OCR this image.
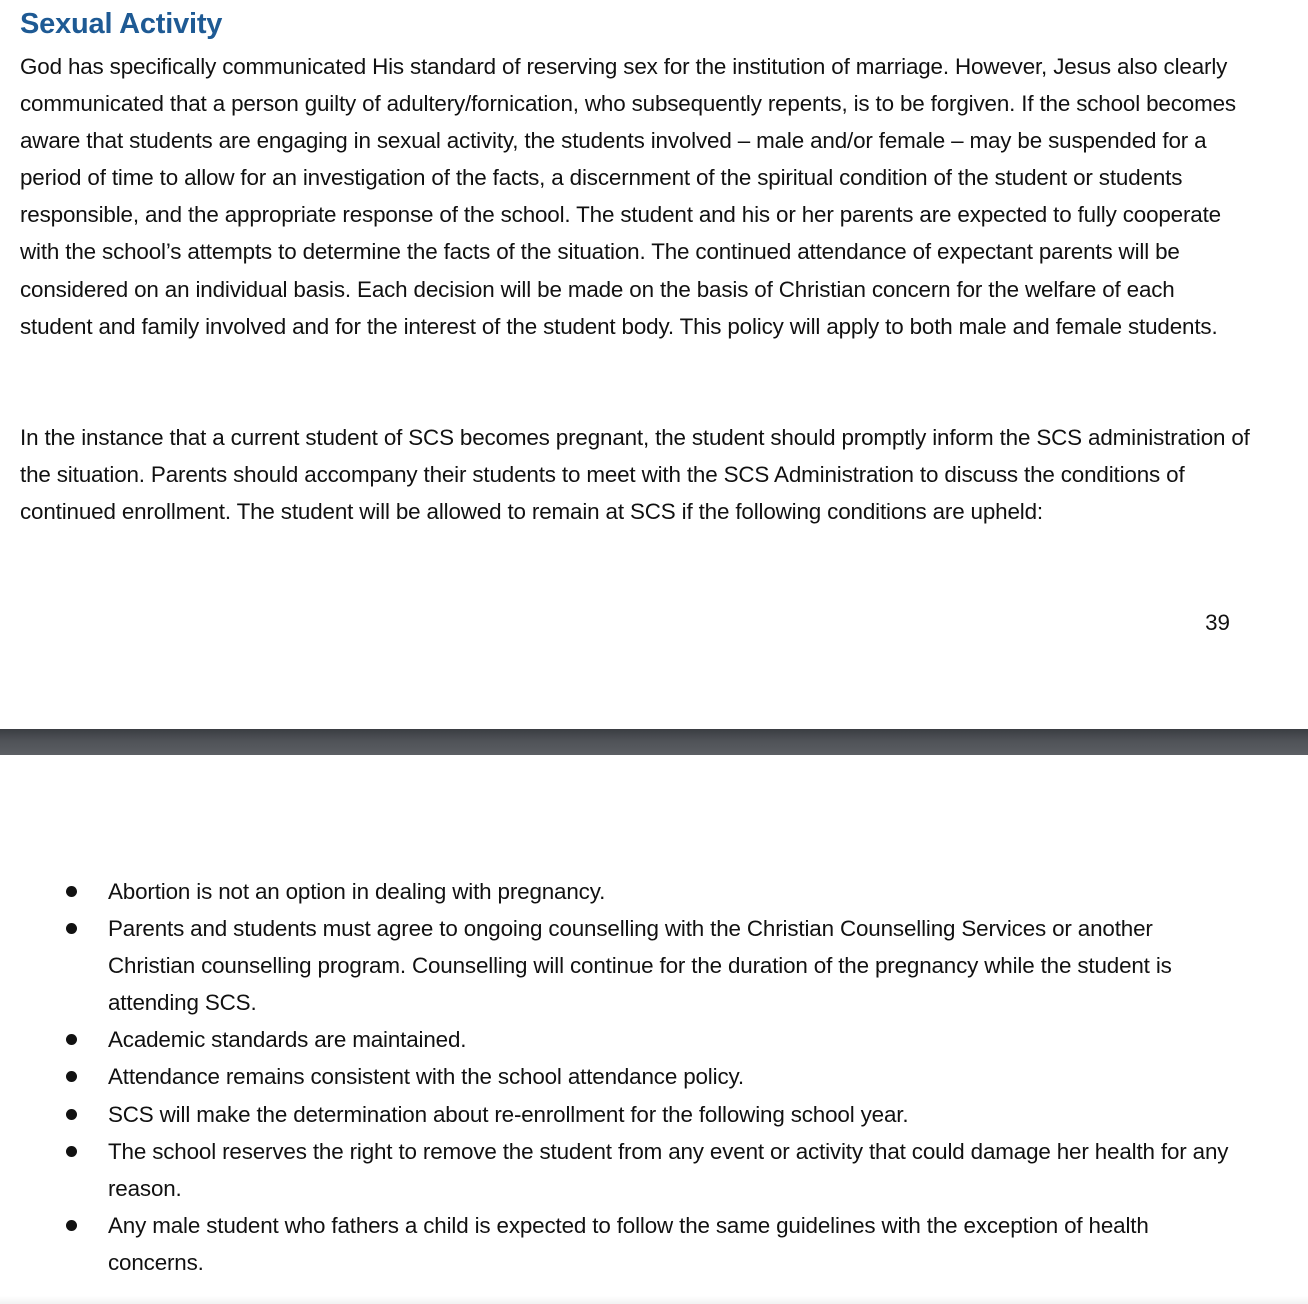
Sexual Activity

God has specifically communicated His standard of reserving sex for the institution of marriage. However, Jesus also clearly communicated that a person guilty of adultery/fornication, who subsequently repents, is to be forgiven. If the school becomes aware that students are engaging in sexual activity, the students involved – male and/or female – may be suspended for a period of time to allow for an investigation of the facts, a discernment of the spiritual condition of the student or students responsible, and the appropriate response of the school. The student and his or her parents are expected to fully cooperate with the school’s attempts to determine the facts of the situation. The continued attendance of expectant parents will be considered on an individual basis. Each decision will be made on the basis of Christian concern for the welfare of each student and family involved and for the interest of the student body. This policy will apply to both male and female students.

In the instance that a current student of SCS becomes pregnant, the student should promptly inform the SCS administration of the situation. Parents should accompany their students to meet with the SCS Administration to discuss the conditions of continued enrollment. The student will be allowed to remain at SCS if the following conditions are upheld:

39
Abortion is not an option in dealing with pregnancy.
Parents and students must agree to ongoing counselling with the Christian Counselling Services or another Christian counselling program. Counselling will continue for the duration of the pregnancy while the student is attending SCS.
Academic standards are maintained.
Attendance remains consistent with the school attendance policy.
SCS will make the determination about re-enrollment for the following school year.
The school reserves the right to remove the student from any event or activity that could damage her health for any reason.
Any male student who fathers a child is expected to follow the same guidelines with the exception of health concerns.
